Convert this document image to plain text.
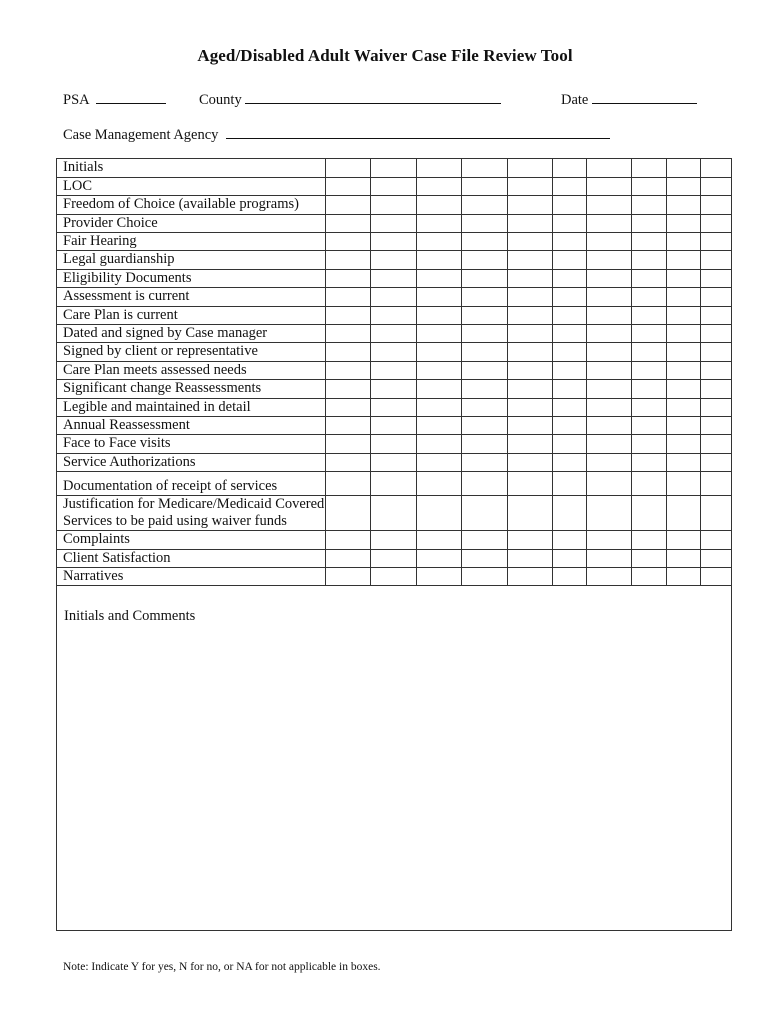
Aged/Disabled Adult Waiver Case File Review Tool
PSA	County	Date
Case Management Agency
Initials										
LOC										
Freedom of Choice (available programs)										
Provider Choice										
Fair Hearing										
Legal guardianship										
Eligibility Documents										
Assessment is current										
Care Plan is current										
Dated and signed by Case manager										
Signed by client or representative										
Care Plan meets assessed needs										
Significant change Reassessments										
Legible and maintained in detail										
Annual Reassessment										
Face to Face visits										
Service Authorizations										
Documentation of receipt of services										
Justification for Medicare/Medicaid Covered Services to be paid using waiver funds										
Complaints										
Client Satisfaction										
Narratives										
Initials and Comments
Note: Indicate Y for yes, N for no, or NA for not applicable in boxes.
